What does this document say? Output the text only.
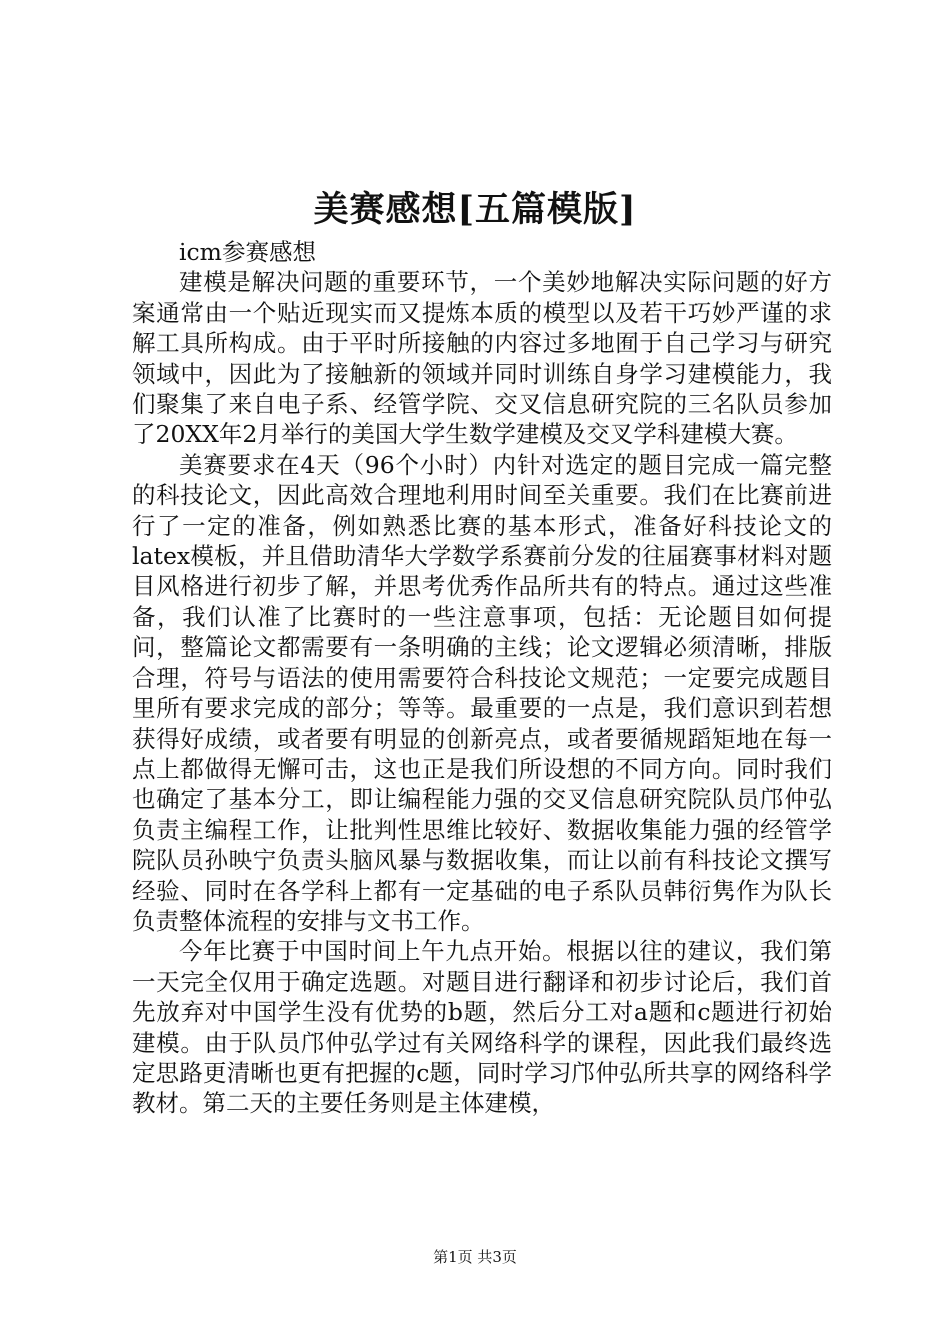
美赛感想[五篇模版]
icm参赛感想

建模是解决问题的重要环节，一个美妙地解决实际问题的好方案通常由一个贴近现实而又提炼本质的模型以及若干巧妙严谨的求解工具所构成。由于平时所接触的内容过多地囿于自己学习与研究领域中，因此为了接触新的领域并同时训练自身学习建模能力，我们聚集了来自电子系、经管学院、交叉信息研究院的三名队员参加了20XX年2月举行的美国大学生数学建模及交叉学科建模大赛。

美赛要求在4天（96个小时）内针对选定的题目完成一篇完整的科技论文，因此高效合理地利用时间至关重要。我们在比赛前进行了一定的准备，例如熟悉比赛的基本形式，准备好科技论文的latex模板，并且借助清华大学数学系赛前分发的往届赛事材料对题目风格进行初步了解，并思考优秀作品所共有的特点。通过这些准备，我们认准了比赛时的一些注意事项，包括：无论题目如何提问，整篇论文都需要有一条明确的主线；论文逻辑必须清晰，排版合理，符号与语法的使用需要符合科技论文规范；一定要完成题目里所有要求完成的部分；等等。最重要的一点是，我们意识到若想获得好成绩，或者要有明显的创新亮点，或者要循规蹈矩地在每一点上都做得无懈可击，这也正是我们所设想的不同方向。同时我们也确定了基本分工，即让编程能力强的交叉信息研究院队员邝仲弘负责主编程工作，让批判性思维比较好、数据收集能力强的经管学院队员孙映宁负责头脑风暴与数据收集，而让以前有科技论文撰写经验、同时在各学科上都有一定基础的电子系队员韩衍隽作为队长负责整体流程的安排与文书工作。

今年比赛于中国时间上午九点开始。根据以往的建议，我们第一天完全仅用于确定选题。对题目进行翻译和初步讨论后，我们首先放弃对中国学生没有优势的b题，然后分工对a题和c题进行初始建模。由于队员邝仲弘学过有关网络科学的课程，因此我们最终选定思路更清晰也更有把握的c题，同时学习邝仲弘所共享的网络科学教材。第二天的主要任务则是主体建模，

第1页 共3页
